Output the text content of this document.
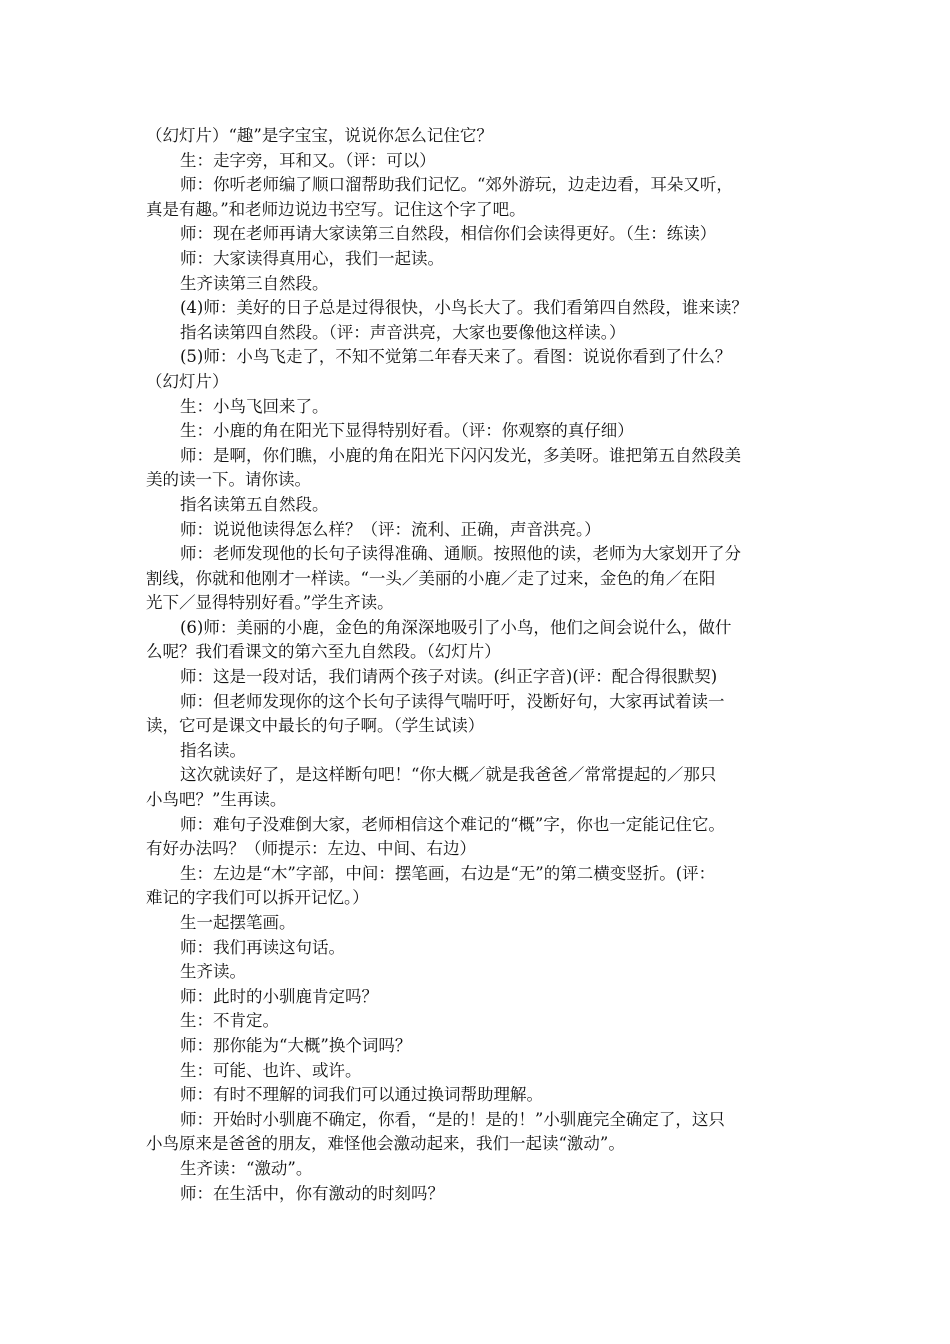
（幻灯片）“趣”是字宝宝，说说你怎么记住它？
生：走字旁，耳和又。（评：可以）
师：你听老师编了顺口溜帮助我们记忆。“郊外游玩，边走边看，耳朵又听，
真是有趣。”和老师边说边书空写。记住这个字了吧。
师：现在老师再请大家读第三自然段，相信你们会读得更好。（生：练读）
师：大家读得真用心，我们一起读。
生齐读第三自然段。
(4)师：美好的日子总是过得很快，小鸟长大了。我们看第四自然段，谁来读？
指名读第四自然段。（评：声音洪亮，大家也要像他这样读。）
(5)师：小鸟飞走了，不知不觉第二年春天来了。看图：说说你看到了什么？
（幻灯片）
生：小鸟飞回来了。
生：小鹿的角在阳光下显得特别好看。（评：你观察的真仔细）
师：是啊，你们瞧，小鹿的角在阳光下闪闪发光，多美呀。谁把第五自然段美
美的读一下。请你读。
指名读第五自然段。
师：说说他读得怎么样？（评：流利、正确，声音洪亮。）
师：老师发现他的长句子读得准确、通顺。按照他的读，老师为大家划开了分
割线，你就和他刚才一样读。“一头／美丽的小鹿／走了过来，金色的角／在阳
光下／显得特别好看。”学生齐读。
(6)师：美丽的小鹿，金色的角深深地吸引了小鸟，他们之间会说什么，做什
么呢？我们看课文的第六至九自然段。（幻灯片）
师：这是一段对话，我们请两个孩子对读。(纠正字音)(评：配合得很默契)
师：但老师发现你的这个长句子读得气喘吁吁，没断好句，大家再试着读一
读，它可是课文中最长的句子啊。（学生试读）
指名读。
这次就读好了，是这样断句吧！“你大概／就是我爸爸／常常提起的／那只
小鸟吧？”生再读。
师：难句子没难倒大家，老师相信这个难记的“概”字，你也一定能记住它。
有好办法吗？（师提示：左边、中间、右边）
生：左边是“木”字部，中间：摆笔画，右边是“无”的第二横变竖折。(评：
难记的字我们可以拆开记忆。）
生一起摆笔画。
师：我们再读这句话。
生齐读。
师：此时的小驯鹿肯定吗？
生：不肯定。
师：那你能为“大概”换个词吗？
生：可能、也许、或许。
师：有时不理解的词我们可以通过换词帮助理解。
师：开始时小驯鹿不确定，你看，“是的！是的！”小驯鹿完全确定了，这只
小鸟原来是爸爸的朋友，难怪他会激动起来，我们一起读“激动”。
生齐读：“激动”。
师：在生活中，你有激动的时刻吗？
